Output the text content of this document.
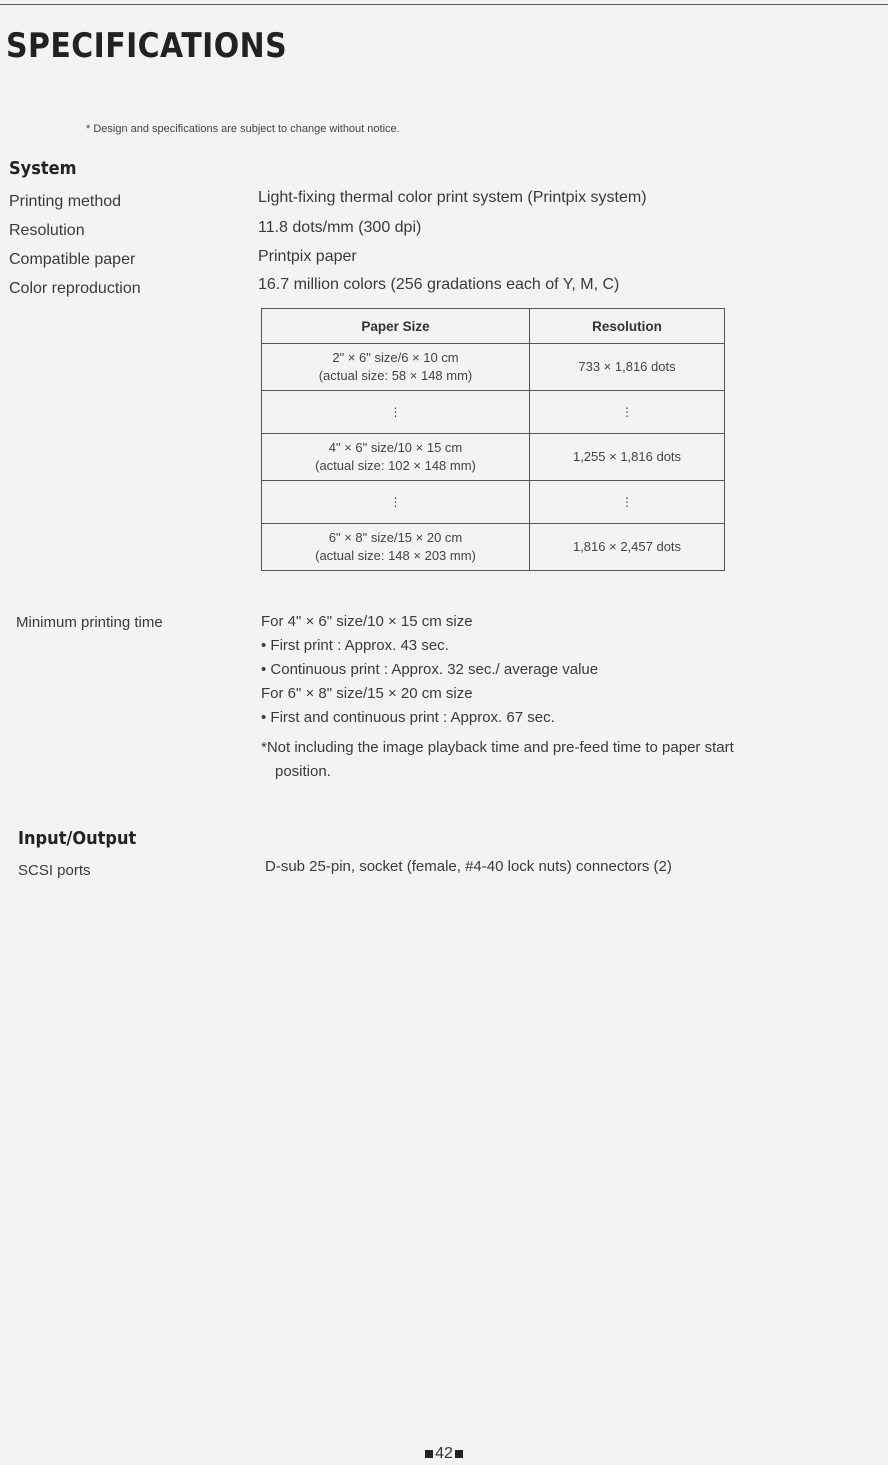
SPECIFICATIONS
* Design and specifications are subject to change without notice.
System
Printing method	Light-fixing thermal color print system (Printpix system)
Resolution	11.8 dots/mm (300 dpi)
Compatible paper	Printpix paper
Color reproduction	16.7 million colors (256 gradations each of Y, M, C)
Paper Size	Resolution

2" × 6" size/6 × 10 cm
(actual size: 58 × 148 mm)	733 × 1,816 dots
⋮	⋮

4" × 6" size/10 × 15 cm
(actual size: 102 × 148 mm)	1,255 × 1,816 dots
⋮	⋮

6" × 8" size/15 × 20 cm
(actual size: 148 × 203 mm)	1,816 × 2,457 dots
Minimum printing time	For 4" × 6" size/10 × 15 cm size
• First print : Approx. 43 sec.
• Continuous print : Approx. 32 sec./ average value
For 6" × 8" size/15 × 20 cm size
• First and continuous print : Approx. 67 sec.
*Not including the image playback time and pre-feed time to paper start
position.
Input/Output
SCSI ports	D-sub 25-pin, socket (female, #4-40 lock nuts) connectors (2)
42
